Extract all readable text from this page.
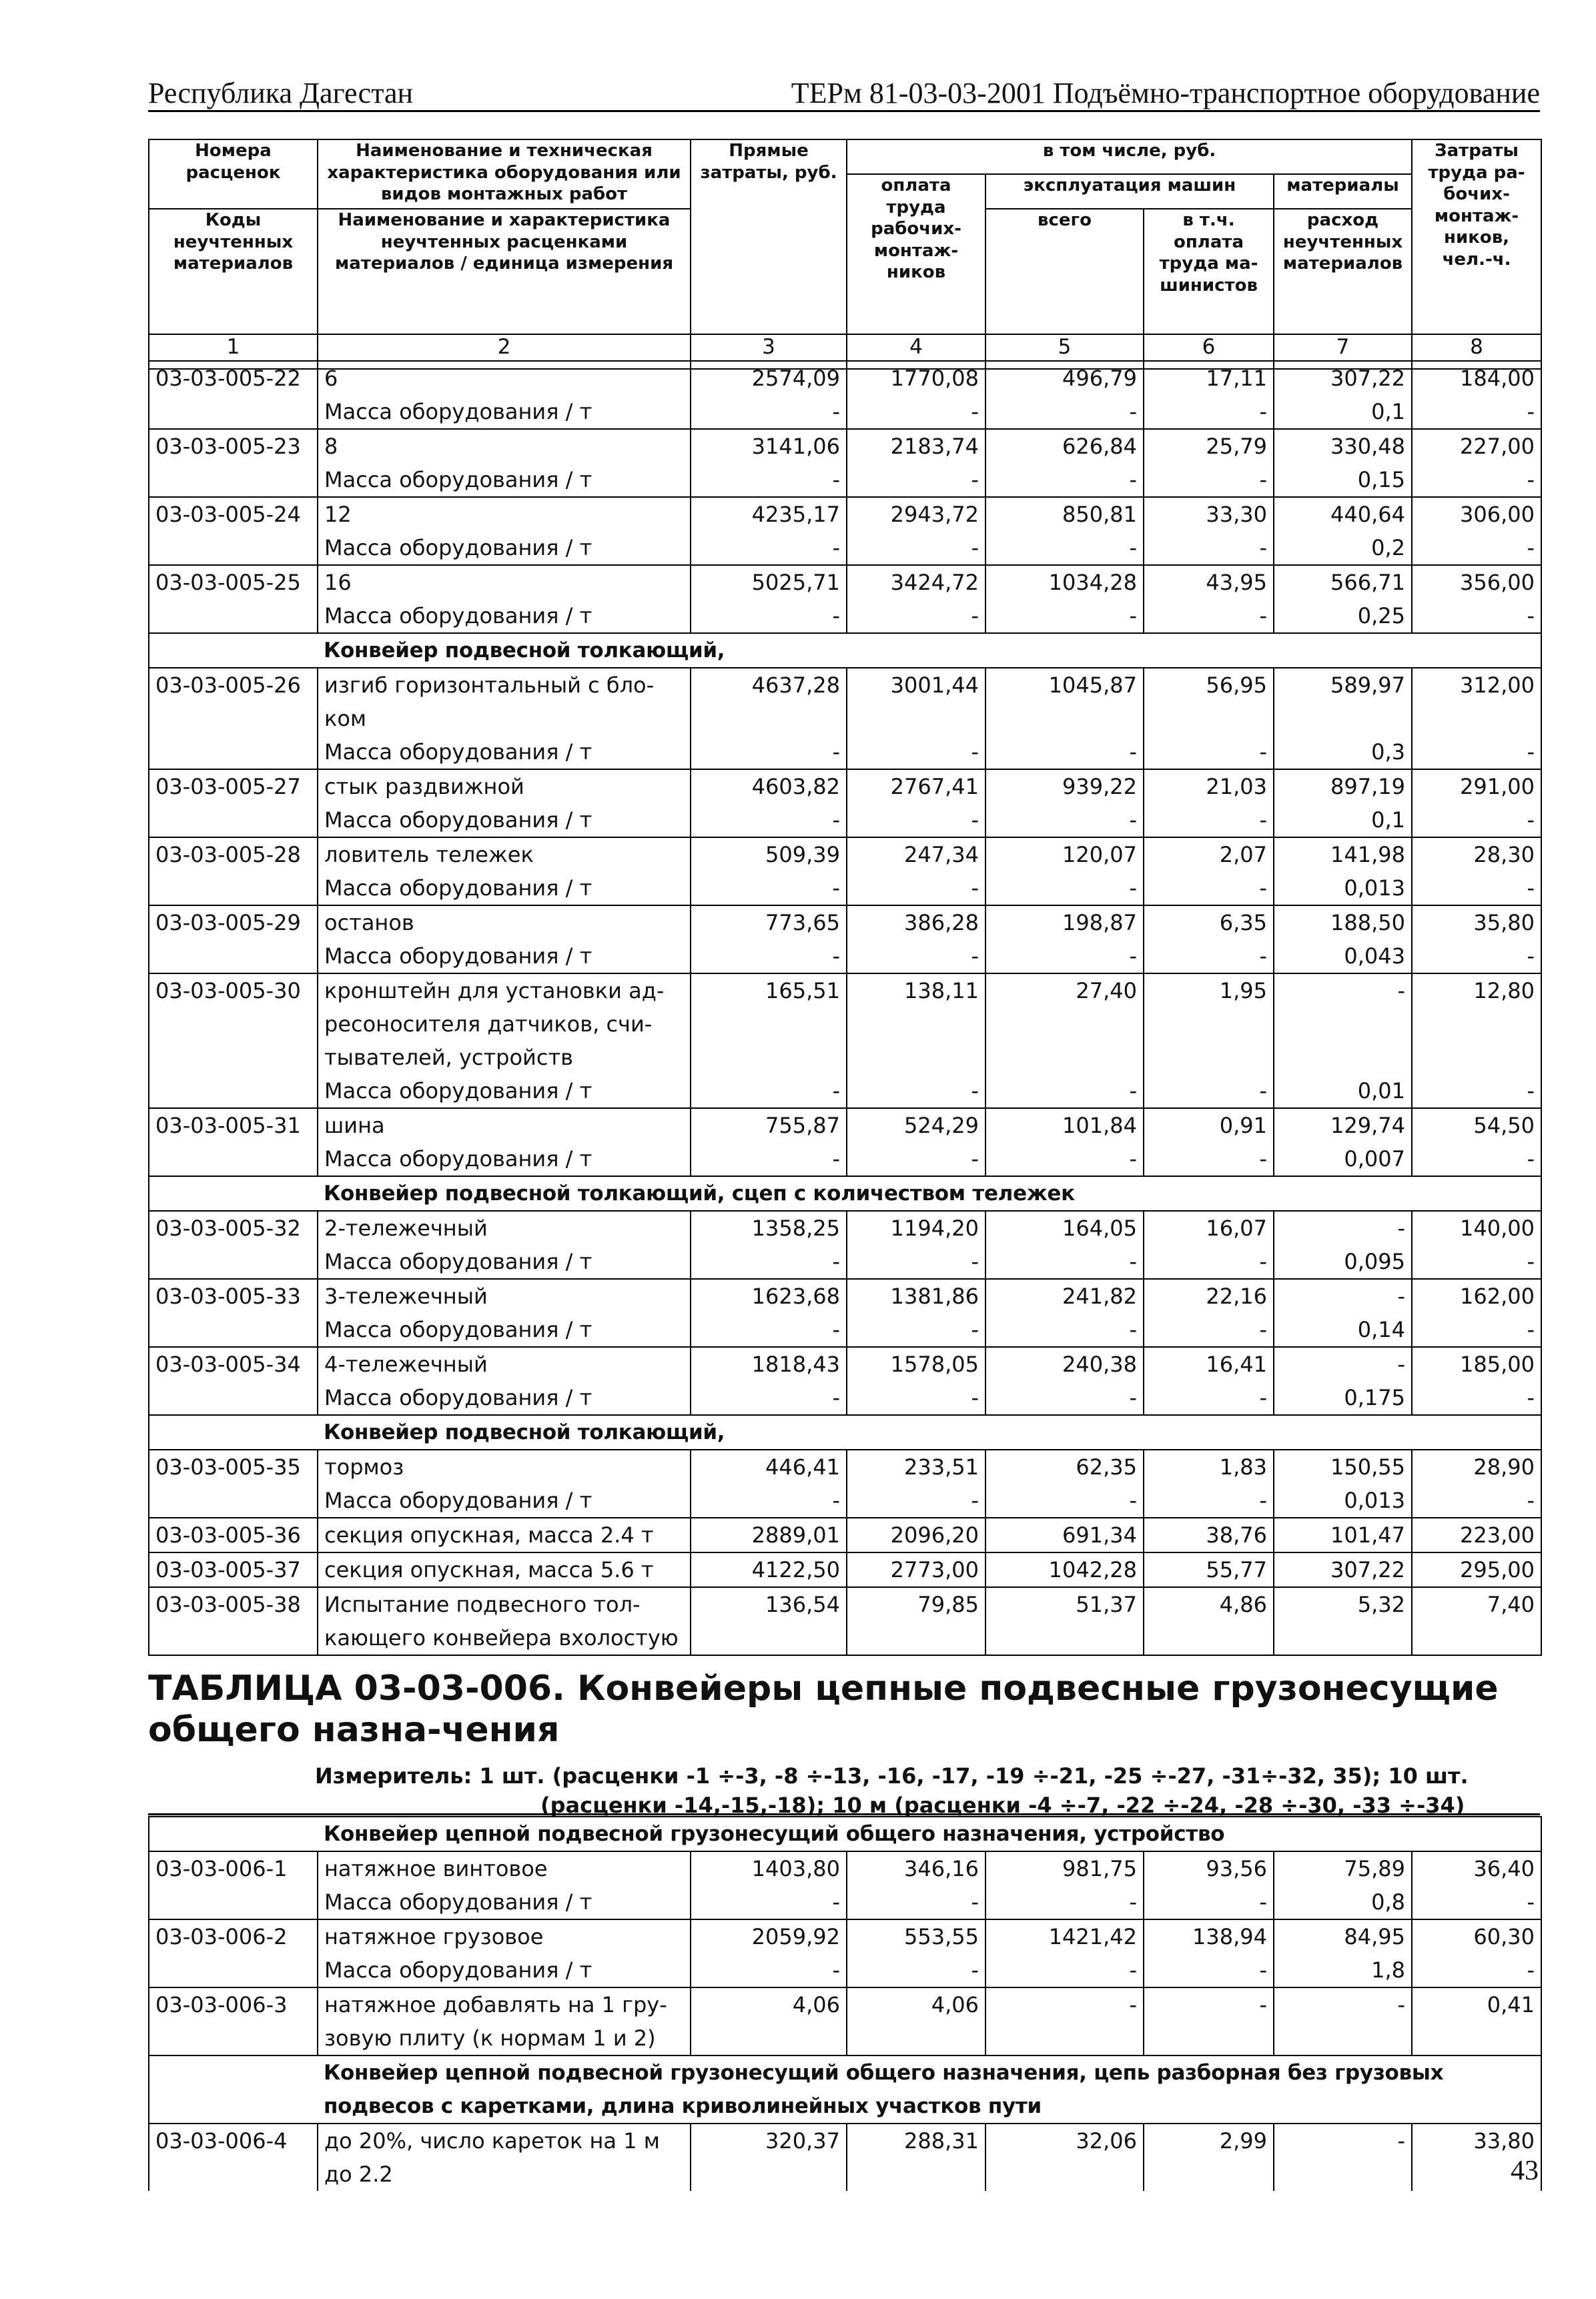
Республика Дагестан	ТЕРм 81-03-03-2001 Подъёмно-транспортное оборудование
Номера расценок	Наименование и техническая характеристика оборудования или видов монтажных работ	Прямые затраты, руб.	в том числе, руб.				Затраты труда ра-бочих-монтаж-ников, чел.-ч.
			оплата труда рабочих-монтаж-ников	эксплуатация машин		материалы	
Коды неучтенных материалов	Наименование и характеристика неучтенных расценками материалов / единица измерения			всего	в т.ч. оплата труда ма-шинистов	расход неучтенных материалов	

1	2	3	4	5	6	7	8
03-03-005-22	6	2574,09	1770,08	496,79	17,11	307,22	184,00
	Масса оборудования / т	-	-	-	-	0,1	-
03-03-005-23	8	3141,06	2183,74	626,84	25,79	330,48	227,00
	Масса оборудования / т	-	-	-	-	0,15	-
03-03-005-24	12	4235,17	2943,72	850,81	33,30	440,64	306,00
	Масса оборудования / т	-	-	-	-	0,2	-
03-03-005-25	16	5025,71	3424,72	1034,28	43,95	566,71	356,00
	Масса оборудования / т	-	-	-	-	0,25	-
	Конвейер подвесной толкающий,						
03-03-005-26	изгиб горизонтальный с бло-ком	4637,28	3001,44	1045,87	56,95	589,97	312,00
	Масса оборудования / т	-	-	-	-	0,3	-
03-03-005-27	стык раздвижной	4603,82	2767,41	939,22	21,03	897,19	291,00
	Масса оборудования / т	-	-	-	-	0,1	-
03-03-005-28	ловитель тележек	509,39	247,34	120,07	2,07	141,98	28,30
	Масса оборудования / т	-	-	-	-	0,013	-
03-03-005-29	останов	773,65	386,28	198,87	6,35	188,50	35,80
	Масса оборудования / т	-	-	-	-	0,043	-
03-03-005-30	кронштейн для установки ад-ресоносителя датчиков, счи-тывателей, устройств	165,51	138,11	27,40	1,95	-	12,80
	Масса оборудования / т	-	-	-	-	0,01	-
03-03-005-31	шина	755,87	524,29	101,84	0,91	129,74	54,50
	Масса оборудования / т	-	-	-	-	0,007	-
	Конвейер подвесной толкающий, сцеп с количеством тележек						
03-03-005-32	2-тележечный	1358,25	1194,20	164,05	16,07	-	140,00
	Масса оборудования / т	-	-	-	-	0,095	-
03-03-005-33	3-тележечный	1623,68	1381,86	241,82	22,16	-	162,00
	Масса оборудования / т	-	-	-	-	0,14	-
03-03-005-34	4-тележечный	1818,43	1578,05	240,38	16,41	-	185,00
	Масса оборудования / т	-	-	-	-	0,175	-
	Конвейер подвесной толкающий,						
03-03-005-35	тормоз	446,41	233,51	62,35	1,83	150,55	28,90
	Масса оборудования / т	-	-	-	-	0,013	-
03-03-005-36	секция опускная, масса 2.4 т	2889,01	2096,20	691,34	38,76	101,47	223,00
03-03-005-37	секция опускная, масса 5.6 т	4122,50	2773,00	1042,28	55,77	307,22	295,00
03-03-005-38	Испытание подвесного тол-кающего конвейера вхолостую	136,54	79,85	51,37	4,86	5,32	7,40
ТАБЛИЦА 03-03-006. Конвейеры цепные подвесные грузонесущие общего назна-чения
Измеритель: 1 шт. (расценки -1 ÷-3, -8 ÷-13, -16, -17, -19 ÷-21, -25 ÷-27, -31÷-32, 35); 10 шт.
(расценки -14,-15,-18); 10 м (расценки -4 ÷-7, -22 ÷-24, -28 ÷-30, -33 ÷-34)
	Конвейер цепной подвесной грузонесущий общего назначения, устройство						
03-03-006-1	натяжное винтовое	1403,80	346,16	981,75	93,56	75,89	36,40
	Масса оборудования / т	-	-	-	-	0,8	-
03-03-006-2	натяжное грузовое	2059,92	553,55	1421,42	138,94	84,95	60,30
	Масса оборудования / т	-	-	-	-	1,8	-
03-03-006-3	натяжное добавлять на 1 гру-зовую плиту (к нормам 1 и 2)	4,06	4,06	-	-	-	0,41
	Конвейер цепной подвесной грузонесущий общего назначения, цепь разборная без грузовых подвесов с каретками, длина криволинейных участков пути						
03-03-006-4	до 20%, число кареток на 1 м до 2.2	320,37	288,31	32,06	2,99	-	33,80
43
